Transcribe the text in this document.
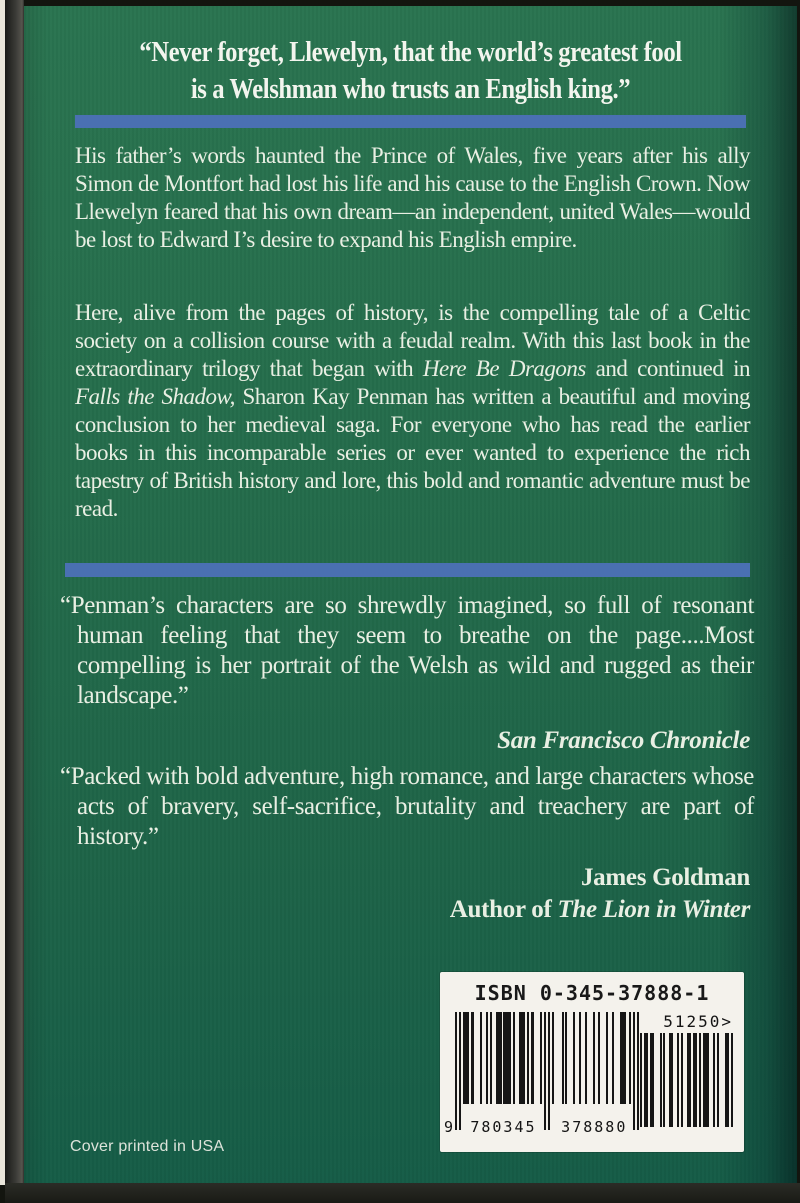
“Never forget, Llewelyn, that the world’s greatest fool
is a Welshman who trusts an English king.”

His father’s words haunted the Prince of Wales, five years after his ally Simon de Montfort had lost his life and his cause to the English Crown. Now Llewelyn feared that his own dream—an independent, united Wales—would be lost to Edward I’s desire to expand his English empire.

Here, alive from the pages of history, is the compelling tale of a Celtic society on a collision course with a feudal realm. With this last book in the extraordinary trilogy that began with Here Be Dragons and continued in Falls the Shadow, Sharon Kay Penman has written a beautiful and moving conclusion to her medieval saga. For everyone who has read the earlier books in this incomparable series or ever wanted to experience the rich tapestry of British history and lore, this bold and romantic adventure must be read.

“Penman’s characters are so shrewdly imagined, so full of resonant human feeling that they seem to breathe on the page....Most compelling is her portrait of the Welsh as wild and rugged as their landscape.”

San Francisco Chronicle

“Packed with bold adventure, high romance, and large characters whose acts of bravery, self-sacrifice, brutality and treachery are part of history.”

James Goldman
Author of The Lion in Winter
ISBN 0-345-37888-1
9	780345	378880
51250>
Cover printed in USA
